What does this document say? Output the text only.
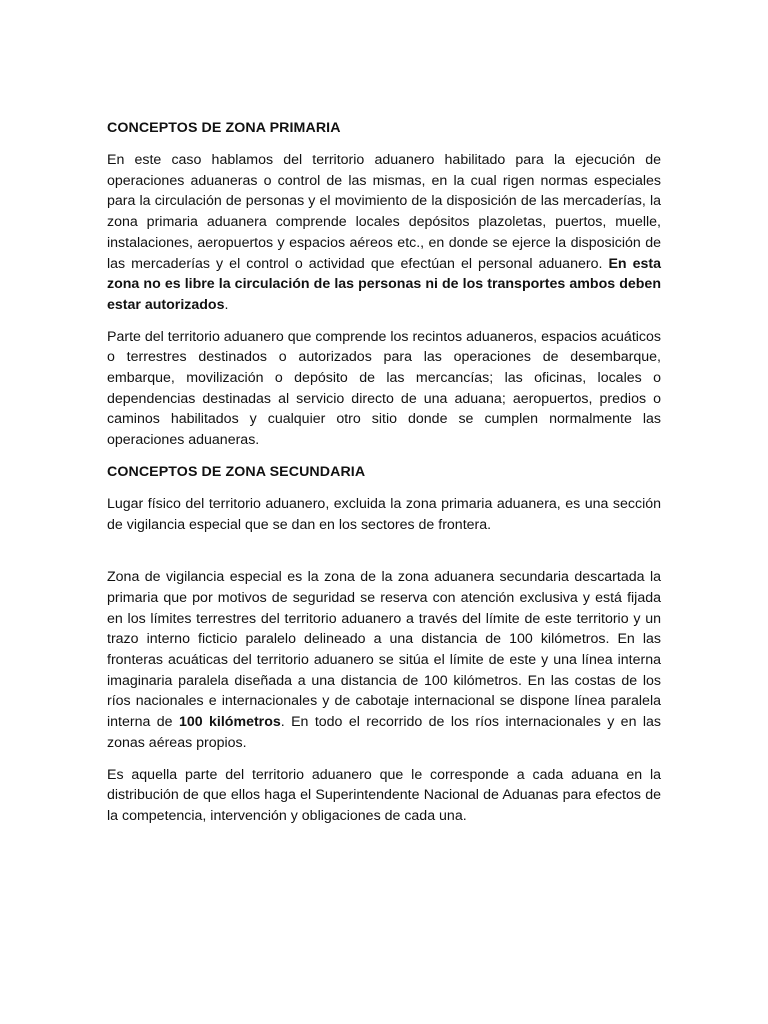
CONCEPTOS DE ZONA PRIMARIA

En este caso hablamos del territorio aduanero habilitado para la ejecución de operaciones aduaneras o control de las mismas, en la cual rigen normas especiales para la circulación de personas y el movimiento de la disposición de las mercaderías, la zona primaria aduanera comprende locales depósitos plazoletas, puertos, muelle, instalaciones, aeropuertos y espacios aéreos etc., en donde se ejerce la disposición de las mercaderías y el control o actividad que efectúan el personal aduanero. En esta zona no es libre la circulación de las personas ni de los transportes ambos deben estar autorizados.

Parte del territorio aduanero que comprende los recintos aduaneros, espacios acuáticos o terrestres destinados o autorizados para las operaciones de desembarque, embarque, movilización o depósito de las mercancías; las oficinas, locales o dependencias destinadas al servicio directo de una aduana; aeropuertos, predios o caminos habilitados y cualquier otro sitio donde se cumplen normalmente las operaciones aduaneras.

CONCEPTOS DE ZONA SECUNDARIA

Lugar físico del territorio aduanero, excluida la zona primaria aduanera, es una sección de vigilancia especial que se dan en los sectores de frontera.

Zona de vigilancia especial es la zona de la zona aduanera secundaria descartada la primaria que por motivos de seguridad se reserva con atención exclusiva y está fijada en los límites terrestres del territorio aduanero a través del límite de este territorio y un trazo interno ficticio paralelo delineado a una distancia de 100 kilómetros. En las fronteras acuáticas del territorio aduanero se sitúa el límite de este y una línea interna imaginaria paralela diseñada a una distancia de 100 kilómetros. En las costas de los ríos nacionales e internacionales y de cabotaje internacional se dispone línea paralela interna de 100 kilómetros. En todo el recorrido de los ríos internacionales y en las zonas aéreas propios.

Es aquella parte del territorio aduanero que le corresponde a cada aduana en la distribución de que ellos haga el Superintendente Nacional de Aduanas para efectos de la competencia, intervención y obligaciones de cada una.
